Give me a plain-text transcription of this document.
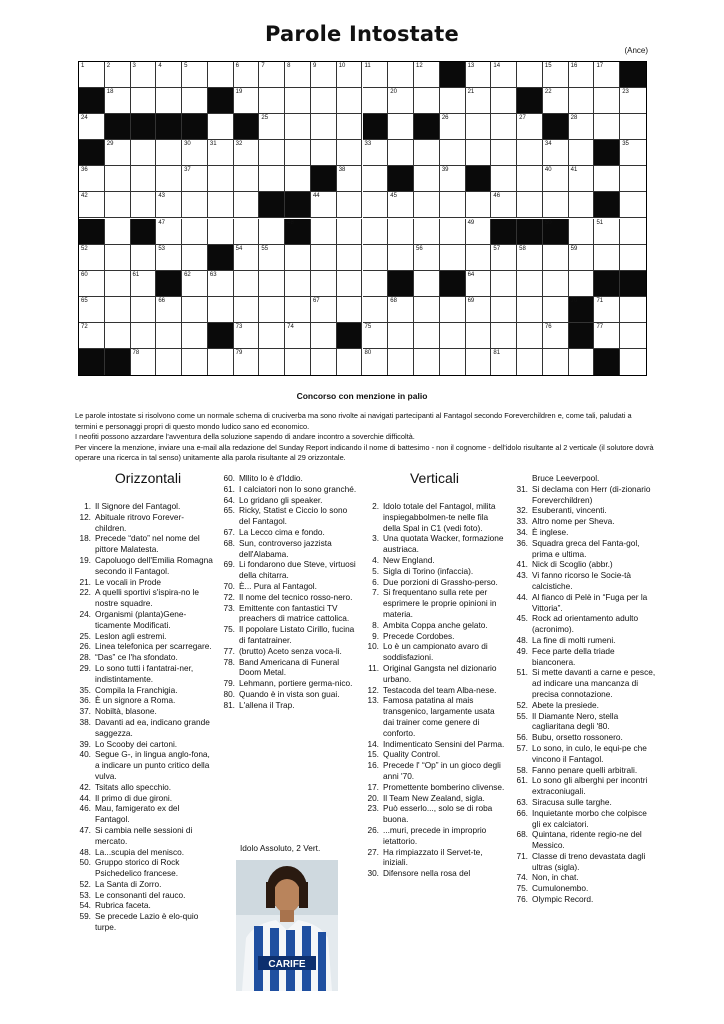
Parole Intostate
(Ance)
1	2	3	4	5	6	7	8	9	10	11	12	13	14	15	16	17
18	19	20	21	22	23
24	25	26	27	28
29	30	31	32	33	34	35
36	37	38	39	40	41
42	43	44	45	46
47	48	49	50	51
52	53	54	55	56	57	58	59
60	61	62	63	64
65	66	67	68	69	70	71
72	73	74	75	76	77
78	79	80	81
Concorso con menzione in palio

Le parole intostate si risolvono come un normale schema di cruciverba ma sono rivolte ai navigati partecipanti al Fantagol secondo Foreverchildren e, come tali, paludati a termini e personaggi propri di questo mondo ludico sano ed economico.

I neofiti possono azzardare l'avventura della soluzione sapendo di andare incontro a soverchie difficoltà.

Per vincere la menzione, inviare una e-mail alla redazione del Sunday Report indicando il nome di battesimo - non il cognome - dell'idolo risultante al 2 verticale (il solutore dovrà operare una ricerca in tal senso) unitamente alla parola risultante al 29 orizzontale.

Orizzontali	Verticali
1. Il Signore del Fantagol.
12. Abituale ritrovo Forever-children.
18. Precede “dato” nel nome del pittore Malatesta.
19. Capoluogo dell'Emilia Romagna secondo il Fantagol.
21. Le vocali in Prode
22. A quelli sportivi s'ispira-no le nostre squadre.
24. Organismi (planta)Gene-ticamente Modificati.
25. Leslon agli estremi.
26. Linea telefonica per scarregare.
28. “Das” ce l'ha sfondato.
29. Lo sono tutti i fantatrai-ner, indistintamente.
35. Compila la Franchigia.
36. È un signore a Roma.
37. Nobiltà, blasone.
38. Davanti ad ea, indicano grande saggezza.
39. Lo Scooby dei cartoni.
40. Segue G-, in lingua anglo-fona, a indicare un punto critico della vulva.
42. Tsitats allo specchio.
44. Il primo di due gironi.
46. Mau, famigerato ex del Fantagol.
47. Si cambia nelle sessioni di mercato.
48. La...scupia del menisco.
50. Gruppo storico di Rock Psichedelico francese.
52. La Santa di Zorro.
53. Le consonanti del rauco.
54. Rubrica faceta.
59. Se precede Lazio è elo-quio turpe.
60. Mllito lo è d'Iddio.
61. I calciatori non lo sono granché.
64. Lo gridano gli speaker.
65. Ricky, Statist e Ciccio lo sono del Fantagol.
67. La Lecco cima e fondo.
68. Sun, controverso jazzista dell'Alabama.
69. Li fondarono due Steve, virtuosi della chitarra.
70. È... Pura al Fantagol.
72. Il nome del tecnico rosso-nero.
73. Emittente con fantastici TV preachers di matrice cattolica.
75. Il popolare Listato Cirillo, fucina di fantatrainer.
77. (brutto) Aceto senza voca-li.
78. Band Americana di Funeral Doom Metal.
79. Lehmann, portiere germa-nico.
80. Quando è in vista son guai.
81. L'allena il Trap.
2. Idolo totale del Fantagol, milita inspiegabbolmen-te nelle fila della Spal in C1 (vedi foto).
3. Una quotata Wacker, formazione austriaca.
4. New England.
5. Sigla di Torino (infaccia).
6. Due porzioni di Grassho-perso.
7. Si frequentano sulla rete per esprimere le proprie opinioni in materia.
8. Ambita Coppa anche gelato.
9. Precede Cordobes.
10. Lo è un campionato avaro di soddisfazioni.
11. Original Gangsta nel dizionario urbano.
12. Testacoda del team Alba-nese.
13. Famosa patatina al mais transgenico, largamente usata dai trainer come genere di conforto.
14. Indimenticato Sensini del Parma.
15. Quality Control.
16. Precede l' “Op” in un gioco degli anni '70.
17. Promettente bomberino clivense.
20. Il Team New Zealand, sigla.
23. Può esserlo..., solo se di roba buona.
26. ...muri, precede in improprio ietattorio.
27. Ha rimpiazzato il Servet-te, iniziali.
30. Difensore nella rosa del
Bruce Leeverpool.
31. Si declama con Herr (di-zionario Foreverchildren)
32. Esuberanti, vincenti.
33. Altro nome per Sheva.
34. È inglese.
36. Squadra greca del Fanta-gol, prima e ultima.
41. Nick di Scoglio (abbr.)
43. Vi fanno ricorso le Socie-tà calcistiche.
44. Al fianco di Pelè in “Fuga per la Vittoria”.
45. Rock ad orientamento adulto (acronimo).
48. La fine di molti rumeni.
49. Fece parte della triade bianconera.
51. Si mette davanti a carne e pesce, ad indicare una mancanza di precisa connotazione.
52. Abete la presiede.
55. Il Diamante Nero, stella cagliaritana degli '80.
56. Bubu, orsetto rossonero.
57. Lo sono, in culo, le equi-pe che vincono il Fantagol.
58. Fanno penare quelli arbitrali.
61. Lo sono gli alberghi per incontri extraconiugali.
63. Siracusa sulle targhe.
66. Inquietante morbo che colpisce gli ex calciatori.
68. Quintana, ridente regio-ne del Messico.
71. Classe di treno devastata dagli ultras (sigla).
74. Non, in chat.
75. Cumulonembo.
76. Olympic Record.
Idolo Assoluto, 2 Vert.
CARIFE
